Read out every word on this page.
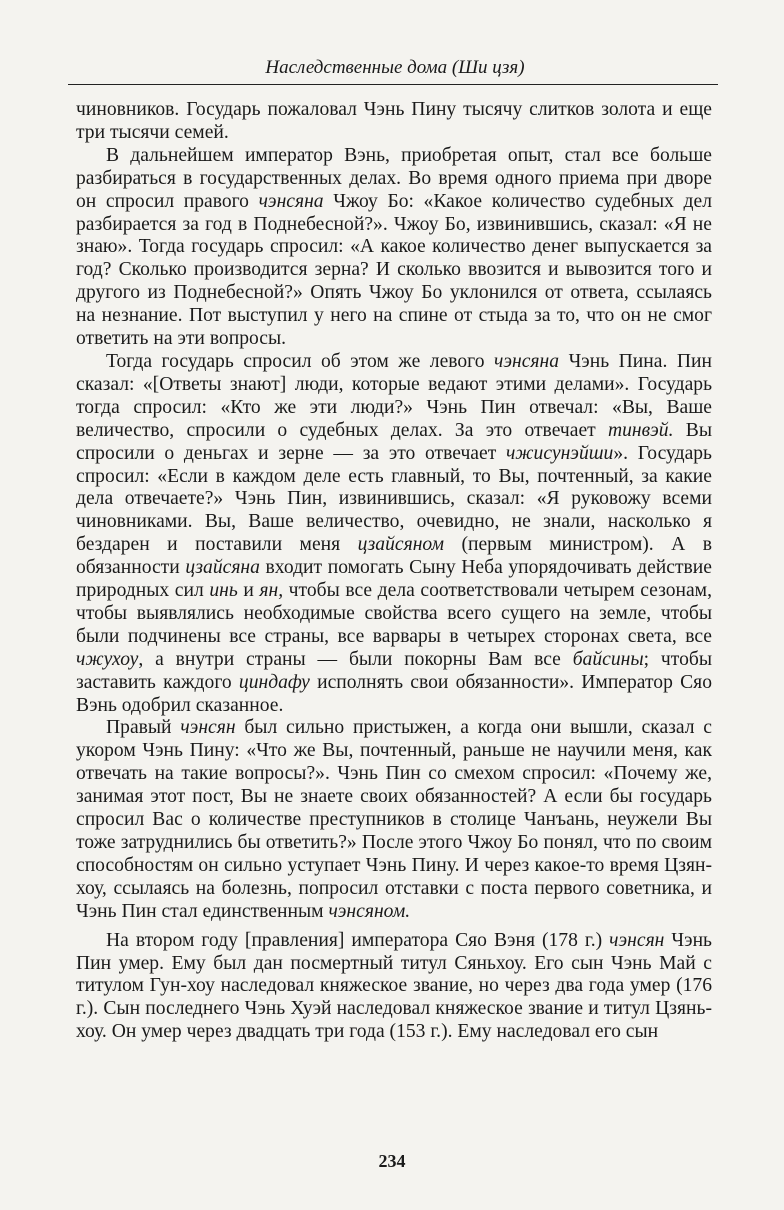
Наследственные дома (Ши цзя)

чиновников. Государь пожаловал Чэнь Пину тысячу слитков золота и еще три тысячи семей.

В дальнейшем император Вэнь, приобретая опыт, стал все больше разбираться в государственных делах. Во время одного приема при дворе он спросил правого чэнсяна Чжоу Бо: «Какое количество судебных дел разбирается за год в Поднебесной?». Чжоу Бо, извинившись, сказал: «Я не знаю». Тогда государь спросил: «А какое количество денег выпускается за год? Сколько производится зерна? И сколько ввозится и вывозится того и другого из Поднебесной?» Опять Чжоу Бо уклонился от ответа, ссылаясь на незнание. Пот выступил у него на спине от стыда за то, что он не смог ответить на эти вопросы.

Тогда государь спросил об этом же левого чэнсяна Чэнь Пина. Пин сказал: «[Ответы знают] люди, которые ведают этими делами». Государь тогда спросил: «Кто же эти люди?» Чэнь Пин отвечал: «Вы, Ваше величество, спросили о судебных делах. За это отвечает тинвэй. Вы спросили о деньгах и зерне — за это отвечает чжисунэйши». Государь спросил: «Если в каждом деле есть главный, то Вы, почтенный, за какие дела отвечаете?» Чэнь Пин, извинившись, сказал: «Я руковожу всеми чиновниками. Вы, Ваше величество, очевидно, не знали, насколько я бездарен и поставили меня цзайсяном (первым министром). А в обязанности цзайсяна входит помогать Сыну Неба упорядочивать действие природных сил инь и ян, чтобы все дела соответствовали четырем сезонам, чтобы выявлялись необходимые свойства всего сущего на земле, чтобы были подчинены все страны, все варвары в четырех сторонах света, все чжухоу, а внутри страны — были покорны Вам все байсины; чтобы заставить каждого циндафу исполнять свои обязанности». Император Сяо Вэнь одобрил сказанное.

Правый чэнсян был сильно пристыжен, а когда они вышли, сказал с укором Чэнь Пину: «Что же Вы, почтенный, раньше не научили меня, как отвечать на такие вопросы?». Чэнь Пин со смехом спросил: «Почему же, занимая этот пост, Вы не знаете своих обязанностей? А если бы государь спросил Вас о количестве преступников в столице Чанъань, неужели Вы тоже затруднились бы ответить?» После этого Чжоу Бо понял, что по своим способностям он сильно уступает Чэнь Пину. И через какое-то время Цзян-хоу, ссылаясь на болезнь, попросил отставки с поста первого советника, и Чэнь Пин стал единственным чэнсяном.

На втором году [правления] императора Сяо Вэня (178 г.) чэнсян Чэнь Пин умер. Ему был дан посмертный титул Сяньхоу. Его сын Чэнь Май с титулом Гун-хоу наследовал княжеское звание, но через два года умер (176 г.). Сын последнего Чэнь Хуэй наследовал княжеское звание и титул Цзянь-хоу. Он умер через двадцать три года (153 г.). Ему наследовал его сын

234
